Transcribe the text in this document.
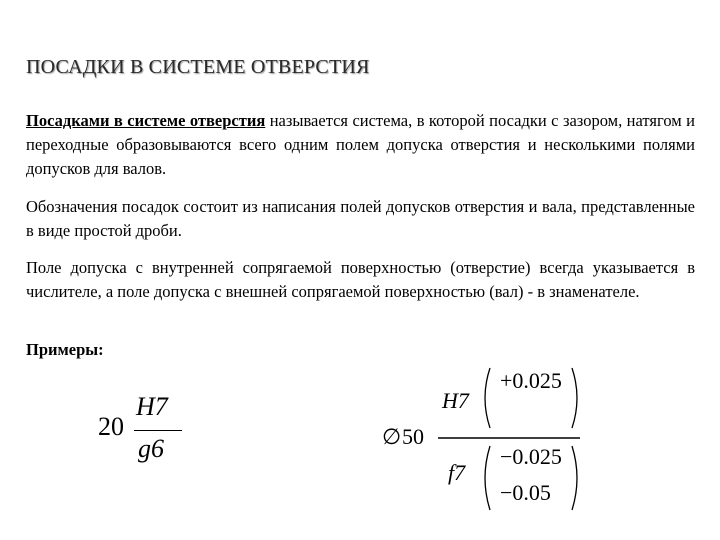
ПОСАДКИ В СИСТЕМЕ ОТВЕРСТИЯ
Посадками в системе отверстия называется система, в которой посадки с зазором, натягом и переходные образовываются всего одним полем допуска отверстия и несколькими полями допусков для валов.
Обозначения посадок состоит из написания полей допусков отверстия и вала, представленные в виде простой дроби.
Поле допуска с внутренней сопрягаемой поверхностью (отверстие) всегда указывается в числителе, а поле допуска с внешней сопрягаемой поверхностью (вал) - в знаменателе.
Примеры:
20
H7
g6	∅ 50
H7
+0.025
f7
−0.025
−0.05
